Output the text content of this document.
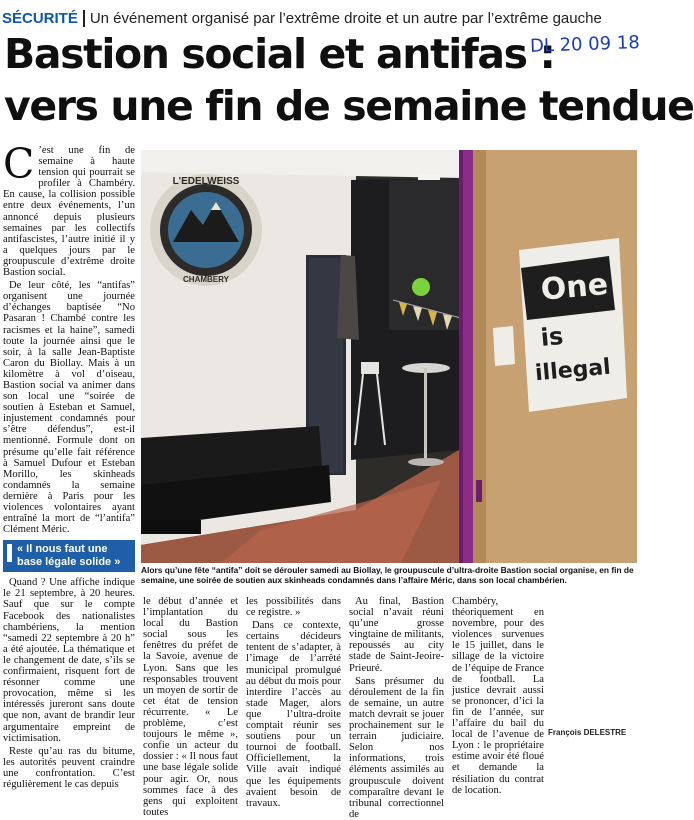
SÉCURITÉ Un événement organisé par l’extrême droite et un autre par l’extrême gauche
Bastion social et antifas :
vers une fin de semaine tendue
DL 20 09 18

C ’est une fin de semaine à haute tension qui pourrait se profiler à Chambéry. En cause, la collision possible entre deux événements, l’un annoncé depuis plusieurs semaines par les collectifs antifascistes, l’autre initié il y a quelques jours par le groupuscule d’extrême droite Bastion social.

De leur côté, les “antifas” organisent une journée d’échanges baptisée “No Pasaran ! Chambé contre les racismes et la haine”, samedi toute la journée ainsi que le soir, à la salle Jean-Baptiste Caron du Biollay. Mais à un kilomètre à vol d’oiseau, Bastion social va animer dans son local une “soirée de soutien à Esteban et Samuel, injustement condamnés pour s’être défendus”, est-il mentionné. Formule dont on présume qu’elle fait référence à Samuel Dufour et Esteban Morillo, les skinheads condamnés la semaine dernière à Paris pour les violences volontaires ayant entraîné la mort de “l’antifa” Clément Méric.

« Il nous faut une base légale solide »

Quand ? Une affiche indique le 21 septembre, à 20 heures. Sauf que sur le compte Facebook des nationalistes chambériens, la mention “samedi 22 septembre à 20 h” a été ajoutée. La thématique et le changement de date, s’ils se confirmaient, risquent fort de résonner comme une provocation, même si les intéressés jureront sans doute que non, avant de brandir leur argumentaire empreint de victimisation.

Reste qu’au ras du bitume, les autorités peuvent craindre une confrontation. C’est régulièrement le cas depuis

L'EDELWEISS
CHAMBERY	One
is
illegal
Alors qu’une fête “antifa” doit se dérouler samedi au Biollay, le groupuscule d’ultra-droite Bastion social organise, en fin de semaine, une soirée de soutien aux skinheads condamnés dans l’affaire Méric, dans son local chambérien.

le début d’année et l’implantation du local du Bastion social sous les fenêtres du préfet de la Savoie, avenue de Lyon. Sans que les responsables trouvent un moyen de sortir de cet état de tension récurrente. « Le problème, c’est toujours le même », confie un acteur du dossier : « Il nous faut une base légale solide pour agir. Or, nous sommes face à des gens qui exploitent toutes

les possibilités dans ce registre. »

Dans ce contexte, certains décideurs tentent de s’adapter, à l’image de l’arrêté municipal promulgué au début du mois pour interdire l’accès au stade Mager, alors que l’ultra-droite comptait réunir ses soutiens pour un tournoi de football. Officiellement, la Ville avait indiqué que les équipements avaient besoin de travaux.

Au final, Bastion social n’avait réuni qu’une grosse vingtaine de militants, repoussés au city stade de Saint-Jeoire-Prieuré.

Sans présumer du déroulement de la fin de semaine, un autre match devrait se jouer prochainement sur le terrain judiciaire. Selon nos informations, trois éléments assimilés au groupuscule doivent comparaître devant le tribunal correctionnel de

Chambéry, théoriquement en novembre, pour des violences survenues le 15 juillet, dans le sillage de la victoire de l’équipe de France de football. La justice devrait aussi se prononcer, d’ici la fin de l’année, sur l’affaire du bail du local de l’avenue de Lyon : le propriétaire estime avoir été floué et demande la résiliation du contrat de location.

François DELESTRE
